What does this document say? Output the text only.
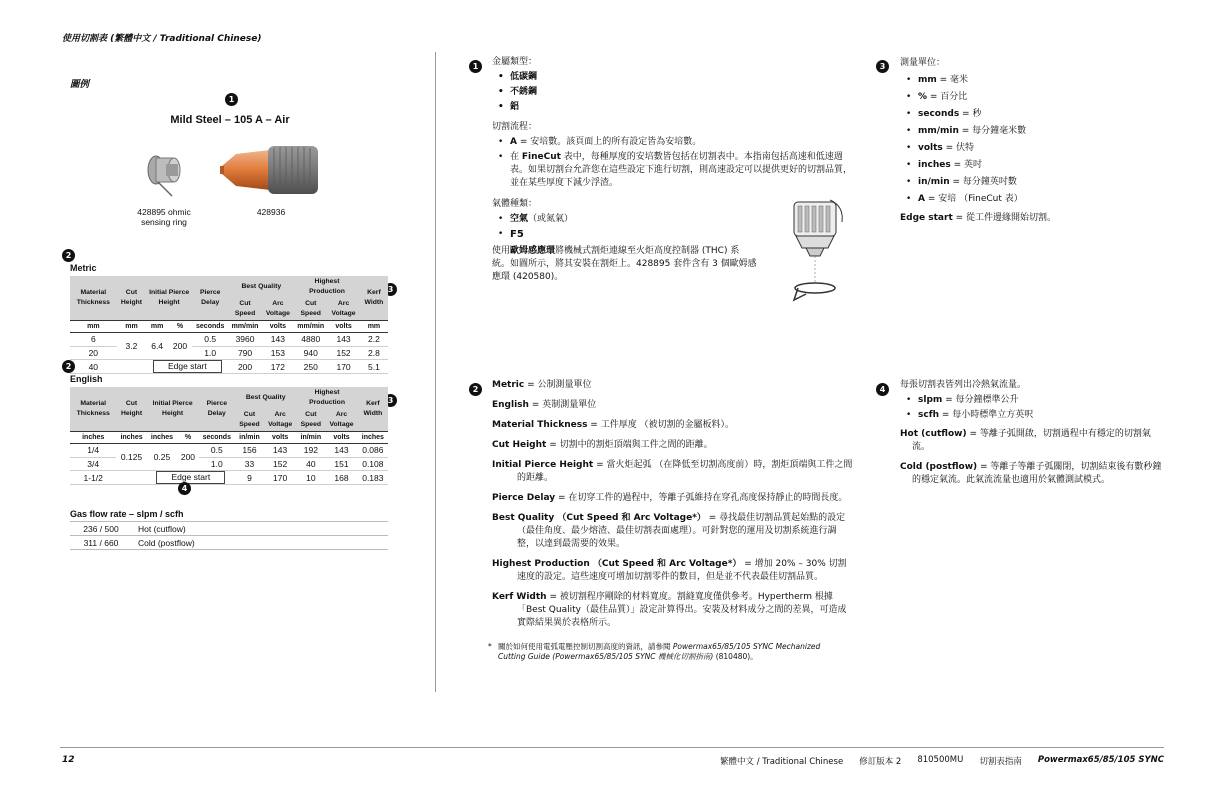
使用切割表 (繁體中文 / Traditional Chinese)
圖例
1
Mild Steel – 105 A – Air
428895 ohmic
sensing ring
428936
2
Metric
3
Material Thickness	Cut Height	Initial Pierce Height		Pierce Delay	Best Quality		Highest Production		Kerf Width
					Cut Speed	Arc Voltage	Cut Speed	Arc Voltage	
mm	mm	mm	%	seconds	mm/min	volts	mm/min	volts	mm
6	3.2	6.4	200	0.5	3960	143	4880	143	2.2
20				1.0	790	153	940	152	2.8
40		Edge start			200	172	250	170	5.1
2
English
3
Material Thickness	Cut Height	Initial Pierce Height		Pierce Delay	Best Quality		Highest Production		Kerf Width
					Cut Speed	Arc Voltage	Cut Speed	Arc Voltage	
inches	inches	inches	%	seconds	in/min	volts	in/min	volts	inches
1/4	0.125	0.25	200	0.5	156	143	192	143	0.086
3/4				1.0	33	152	40	151	0.108
1-1/2		Edge start			9	170	10	168	0.183
4
Gas flow rate – slpm / scfh
236 / 500	Hot (cutflow)
311 / 660	Cold (postflow)
1	金屬類型：
• 低碳鋼
• 不銹鋼
• 鋁
切割流程：
• A = 安培數。該頁面上的所有設定皆為安培數。
• 在 FineCut 表中，每種厚度的安培數皆包括在切割表中。本指南包括高速和低速週表。如果切割台允許您在這些設定下進行切割，則高速設定可以提供更好的切割品質，並在某些厚度下減少浮渣。
氣體種類：
• 空氣（或氮氣）
• F5
使用歐姆感應環將機械式割炬連線至火炬高度控制器 (THC) 系統。如圖所示，將其安裝在割炬上。428895 套件含有 3 個歐姆感應環 (420580)。
3	測量單位：
• mm = 毫米
• % = 百分比
• seconds = 秒
• mm/min = 每分鐘毫米數
• volts = 伏特
• inches = 英吋
• in/min = 每分鐘英吋數
• A = 安培 （FineCut 表）
Edge start = 從工件邊緣開始切割。
2	Metric = 公制測量單位

English = 英制測量單位

Material Thickness = 工件厚度 （被切割的金屬板料）。

Cut Height = 切割中的割炬頂端與工件之間的距離。

Initial Pierce Height = 當火炬起弧 （在降低至切割高度前）時，割炬頂端與工件之間的距離。

Pierce Delay = 在切穿工件的過程中，等離子弧維持在穿孔高度保持靜止的時間長度。

Best Quality （Cut Speed 和 Arc Voltage*） = 尋找最佳切割品質起始點的設定（最佳角度、最少熔渣、最佳切割表面處理）。可針對您的運用及切割系統進行調整，以達到最需要的效果。

Highest Production （Cut Speed 和 Arc Voltage*） = 增加 20% – 30% 切割速度的設定。這些速度可增加切割零件的數目，但是並不代表最佳切割品質。

Kerf Width = 被切割程序剛除的材料寬度。割縫寬度僅供參考。Hypertherm 根據「Best Quality（最佳品質）」設定計算得出。安裝及材料成分之間的差異，可造成實際結果異於表格所示。

* 關於如何使用電弧電壓控制切割高度的資訊，請參閱 Powermax65/85/105 SYNC Mechanized Cutting Guide (Powermax65/85/105 SYNC 機械化切割指南) (810480)。
4	每張切割表皆列出冷熱氣流量。
• slpm = 每分鐘標準公升
• scfh = 每小時標準立方英呎

Hot (cutflow) = 等離子弧開啟，切割過程中有穩定的切割氣流。

Cold (postflow) = 等離子等離子弧關閉，切割結束後有數秒鐘的穩定氣流。此氣流流量也適用於氣體測試模式。

12	繁體中文 / Traditional Chinese 修訂版本 2 810500MU 切割表指南 Powermax65/85/105 SYNC
